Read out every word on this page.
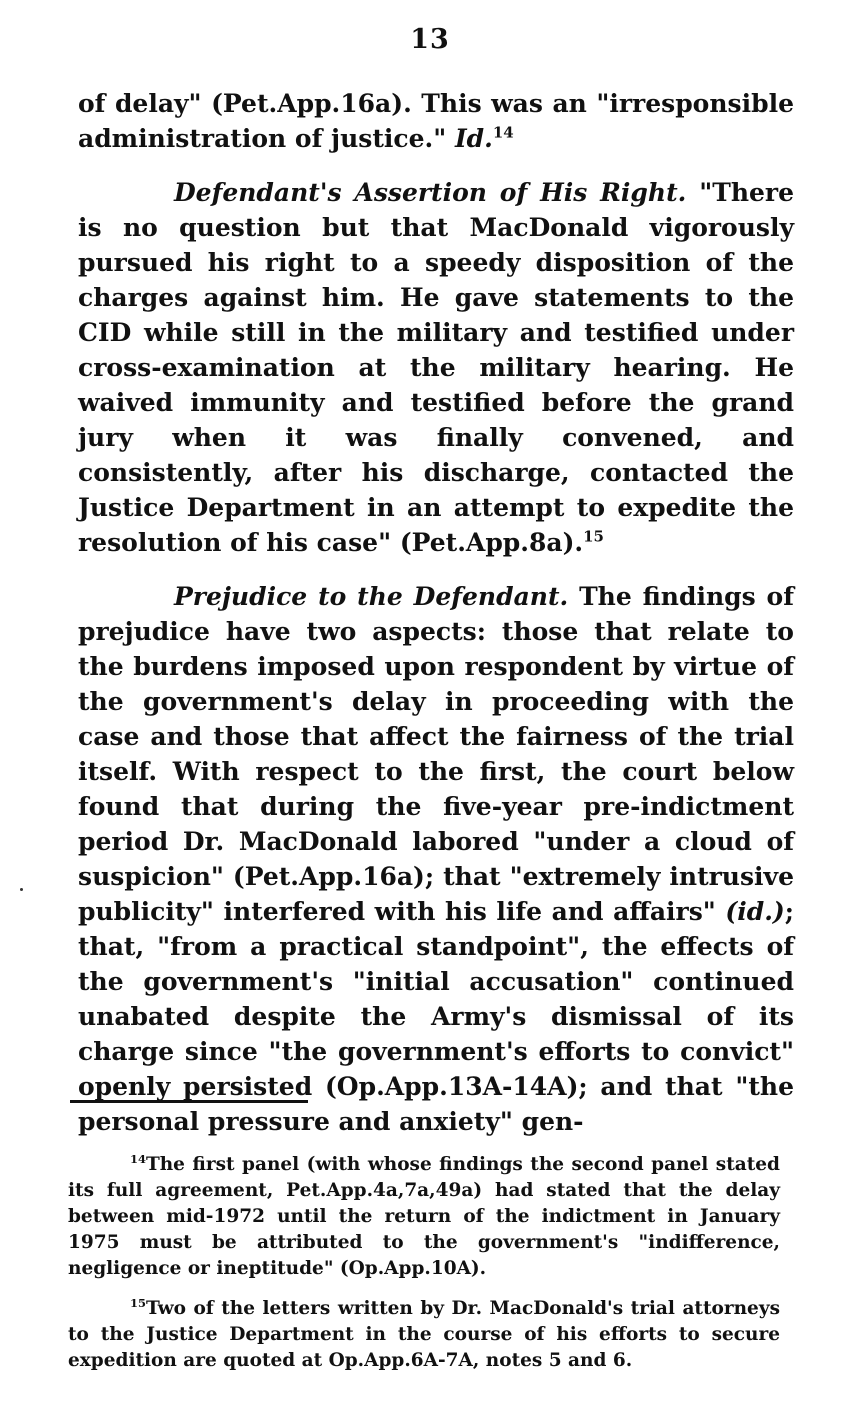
13

of delay" (Pet.App.16a). This was an "irresponsible administration of justice." Id.$^{14}$

Defendant's Assertion of His Right. "There is no question but that MacDonald vigorously pursued his right to a speedy disposition of the charges against him. He gave statements to the CID while still in the military and testified under cross-examination at the military hearing. He waived immunity and testified before the grand jury when it was finally convened, and consistently, after his discharge, contacted the Justice Department in an attempt to expedite the resolution of his case" (Pet.App.8a).$^{15}$

Prejudice to the Defendant. The findings of prejudice have two aspects: those that relate to the burdens imposed upon respondent by virtue of the government's delay in proceeding with the case and those that affect the fairness of the trial itself. With respect to the first, the court below found that during the five-year pre-indictment period Dr. MacDonald labored "under a cloud of suspicion" (Pet.App.16a); that "extremely intrusive publicity" interfered with his life and affairs" (id.); that, "from a practical standpoint", the effects of the government's "initial accusation" continued unabated despite the Army's dismissal of its charge since "the government's efforts to convict" openly persisted (Op.App.13A-14A); and that "the personal pressure and anxiety" gen-

$^{14}$The first panel (with whose findings the second panel stated its full agreement, Pet.App.4a,7a,49a) had stated that the delay between mid-1972 until the return of the indictment in January 1975 must be attributed to the government's "indifference, negligence or ineptitude" (Op.App.10A).

$^{15}$Two of the letters written by Dr. MacDonald's trial attorneys to the Justice Department in the course of his efforts to secure expedition are quoted at Op.App.6A-7A, notes 5 and 6.
